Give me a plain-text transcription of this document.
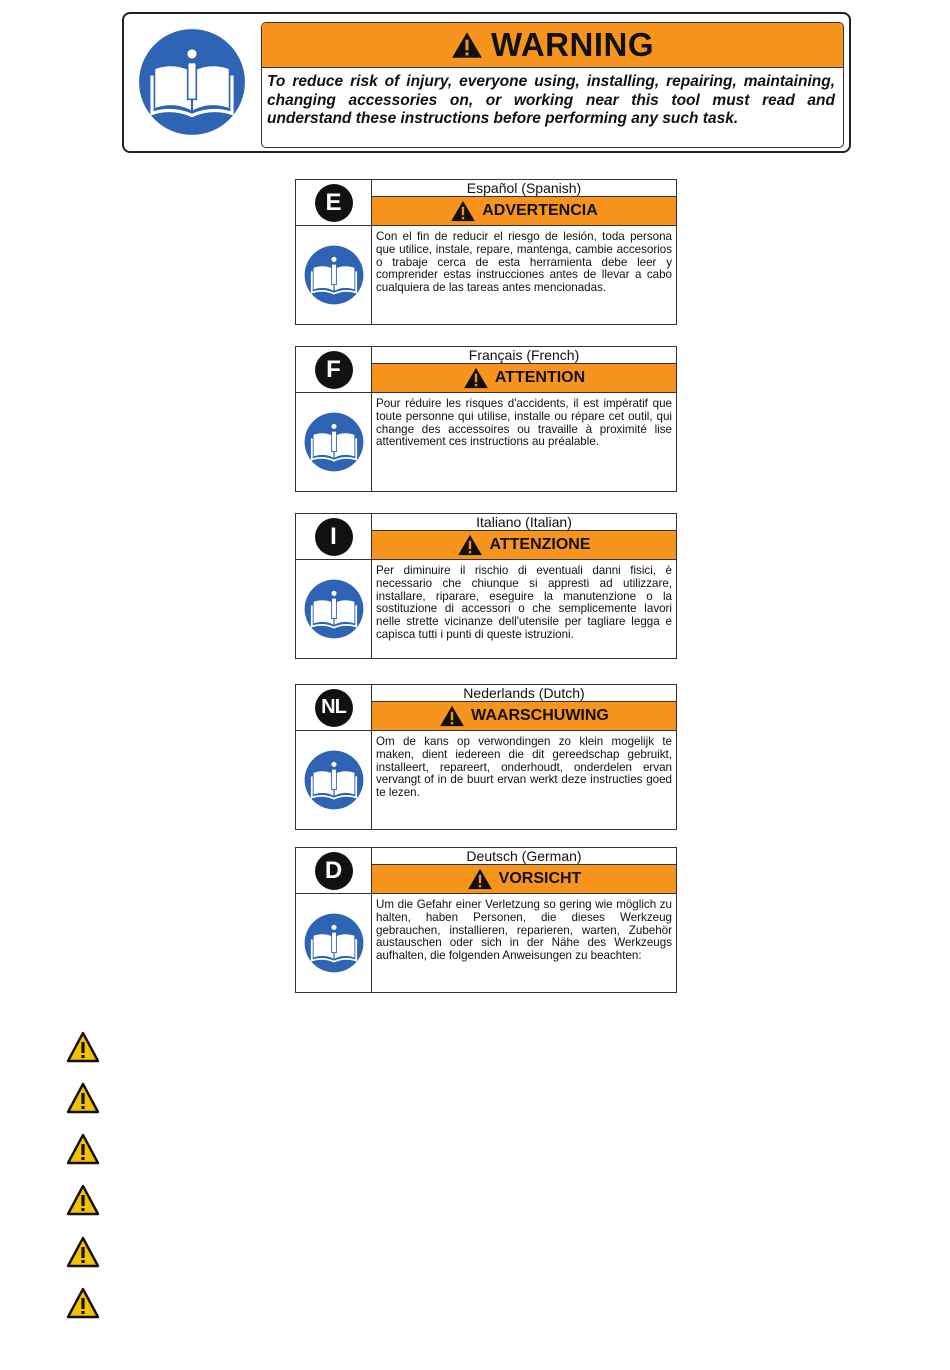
WARNING
To reduce risk of injury, everyone using, installing, repairing, maintaining, changing accessories on, or working near this tool must read and understand these instructions before performing any such task.
E
Español (Spanish)
ADVERTENCIA
Con el fin de reducir el riesgo de lesión, toda persona que utilice, instale, repare, mantenga, cambie accesorios o trabaje cerca de esta herramienta debe leer y comprender estas instrucciones antes de llevar a cabo cualquiera de las tareas antes mencionadas.
F
Français (French)
ATTENTION
Pour réduire les risques d'accidents, il est impératif que toute personne qui utilise, installe ou répare cet outil, qui change des accessoires ou travaille à proximité lise attentivement ces instructions au préalable.
I
Italiano (Italian)
ATTENZIONE
Per diminuire il rischio di eventuali danni fisici, è necessario che chiunque si appresti ad utilizzare, installare, riparare, eseguire la manutenzione o la sostituzione di accessori o che semplicemente lavori nelle strette vicinanze dell'utensile per tagliare legga e capisca tutti i punti di queste istruzioni.
NL
Nederlands (Dutch)
WAARSCHUWING
Om de kans op verwondingen zo klein mogelijk te maken, dient iedereen die dit gereedschap gebruikt, installeert, repareert, onderhoudt, onderdelen ervan vervangt of in de buurt ervan werkt deze instructies goed te lezen.
D
Deutsch (German)
VORSICHT
Um die Gefahr einer Verletzung so gering wie möglich zu halten, haben Personen, die dieses Werkzeug gebrauchen, installieren, reparieren, warten, Zubehör austauschen oder sich in der Nähe des Werkzeugs aufhalten, die folgenden Anweisungen zu beachten:
